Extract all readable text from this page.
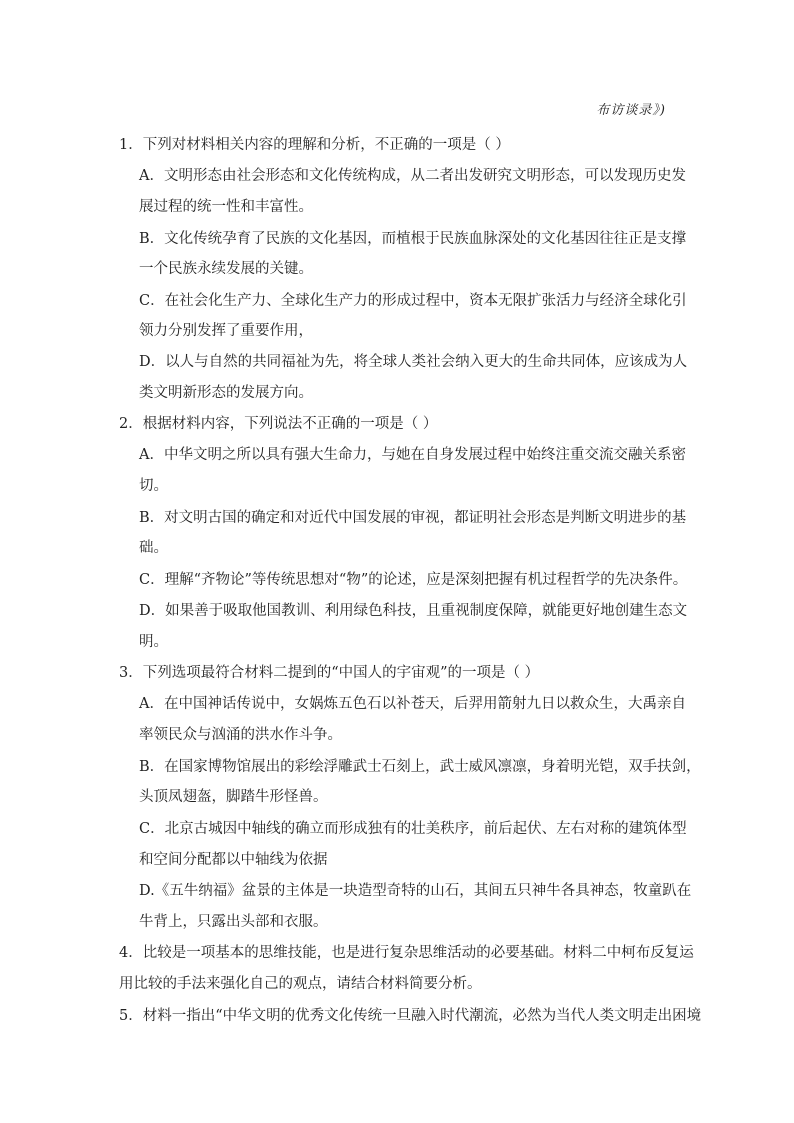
布访谈录》)
1．下列对材料相关内容的理解和分析，不正确的一项是（ ）
A．文明形态由社会形态和文化传统构成，从二者出发研究文明形态，可以发现历史发
展过程的统一性和丰富性。
B．文化传统孕育了民族的文化基因，而植根于民族血脉深处的文化基因往往正是支撑
一个民族永续发展的关键。
C．在社会化生产力、全球化生产力的形成过程中，资本无限扩张活力与经济全球化引
领力分别发挥了重要作用，
D．以人与自然的共同福祉为先，将全球人类社会纳入更大的生命共同体，应该成为人
类文明新形态的发展方向。
2．根据材料内容，下列说法不正确的一项是（ ）
A．中华文明之所以具有强大生命力，与她在自身发展过程中始终注重交流交融关系密
切。
B．对文明古国的确定和对近代中国发展的审视，都证明社会形态是判断文明进步的基
础。
C．理解“齐物论”等传统思想对“物”的论述，应是深刻把握有机过程哲学的先决条件。
D．如果善于吸取他国教训、利用绿色科技，且重视制度保障，就能更好地创建生态文
明。
3．下列选项最符合材料二提到的“中国人的宇宙观”的一项是（ ）
A．在中国神话传说中，女娲炼五色石以补苍天，后羿用箭射九日以救众生，大禹亲自
率领民众与汹涌的洪水作斗争。
B．在国家博物馆展出的彩绘浮雕武士石刻上，武士威风凛凛，身着明光铠，双手扶剑，
头顶凤翅盔，脚踏牛形怪兽。
C．北京古城因中轴线的确立而形成独有的壮美秩序，前后起伏、左右对称的建筑体型
和空间分配都以中轴线为依据
D.《五牛纳福》盆景的主体是一块造型奇特的山石，其间五只神牛各具神态，牧童趴在
牛背上，只露出头部和衣服。
4．比较是一项基本的思维技能，也是进行复杂思维活动的必要基础。材料二中柯布反复运
用比较的手法来强化自己的观点，请结合材料简要分析。
5．材料一指出“中华文明的优秀文化传统一旦融入时代潮流，必然为当代人类文明走出困境
